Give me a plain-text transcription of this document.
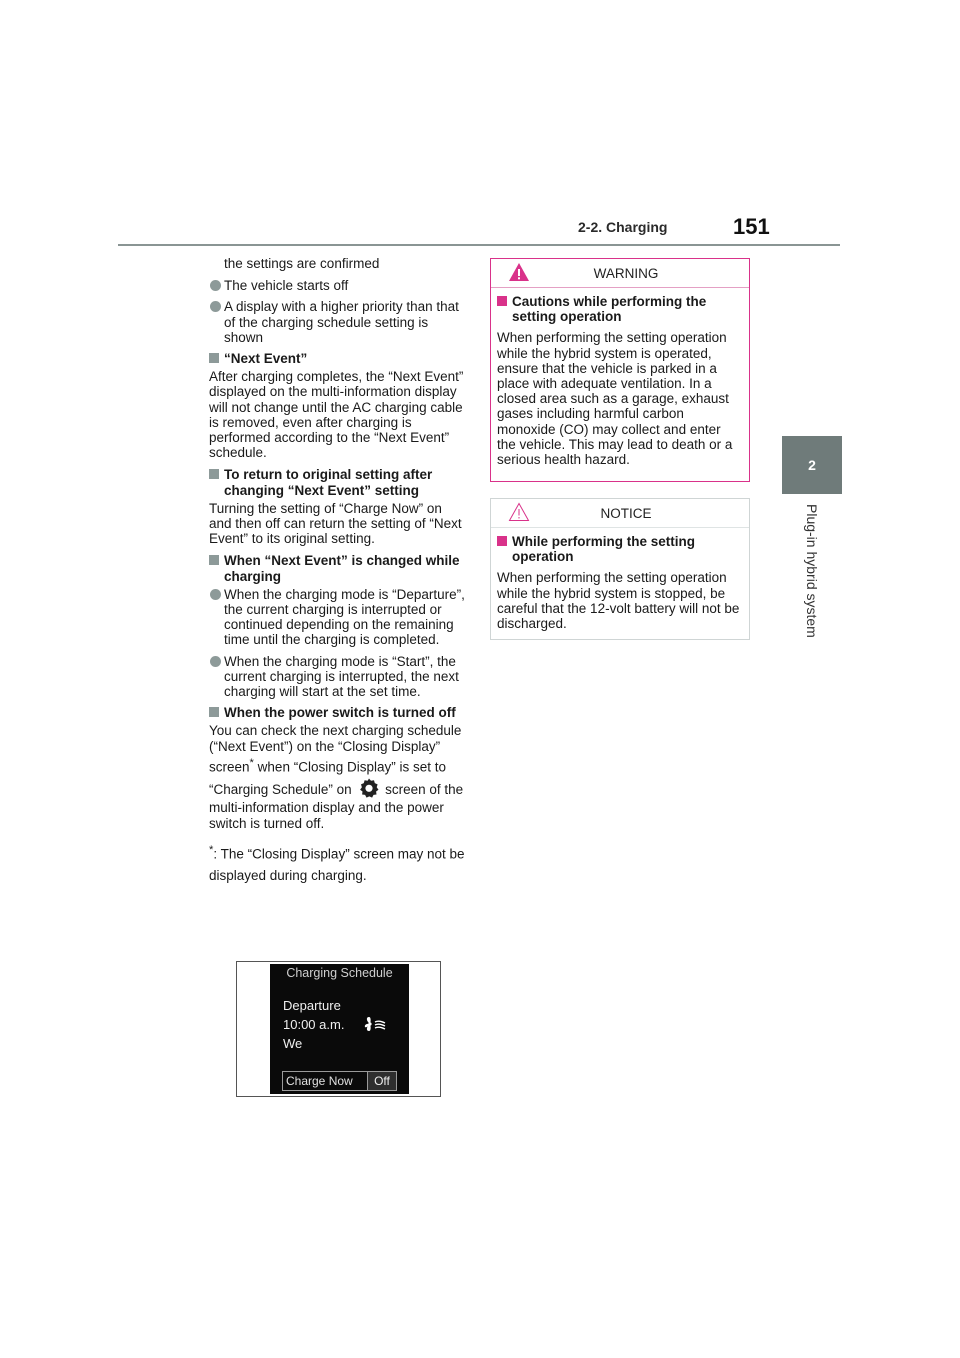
2-2. Charging	151
2
Plug-in hybrid system

the settings are confirmed

The vehicle starts off
A display with a higher priority than that of the charging schedule setting is shown
“Next Event”

After charging completes, the “Next Event” displayed on the multi-information display will not change until the AC charging cable is removed, even after charging is performed according to the “Next Event” schedule.

To return to original setting after changing “Next Event” setting

Turning the setting of “Charge Now” on and then off can return the setting of “Next Event” to its original setting.

When “Next Event” is changed while charging
When the charging mode is “Departure”, the current charging is interrupted or continued depending on the remaining time until the charging is completed.
When the charging mode is “Start”, the current charging is interrupted, the next charging will start at the set time.
When the power switch is turned off

You can check the next charging schedule (“Next Event”) on the “Closing Display” screen* when “Closing Display” is set to “Charging Schedule” on screen of the multi-information display and the power switch is turned off.

*: The “Closing Display” screen may not be displayed during charging.

Charging Schedule
Departure
10:00 a.m.
We
Charge Now	Off
WARNING
Cautions while performing the setting operation
When performing the setting operation while the hybrid system is operated, ensure that the vehicle is parked in a place with adequate ventilation. In a closed area such as a garage, exhaust gases including harmful carbon monoxide (CO) may collect and enter the vehicle. This may lead to death or a serious health hazard.
NOTICE
While performing the setting operation
When performing the setting operation while the hybrid system is stopped, be careful that the 12-volt battery will not be discharged.
